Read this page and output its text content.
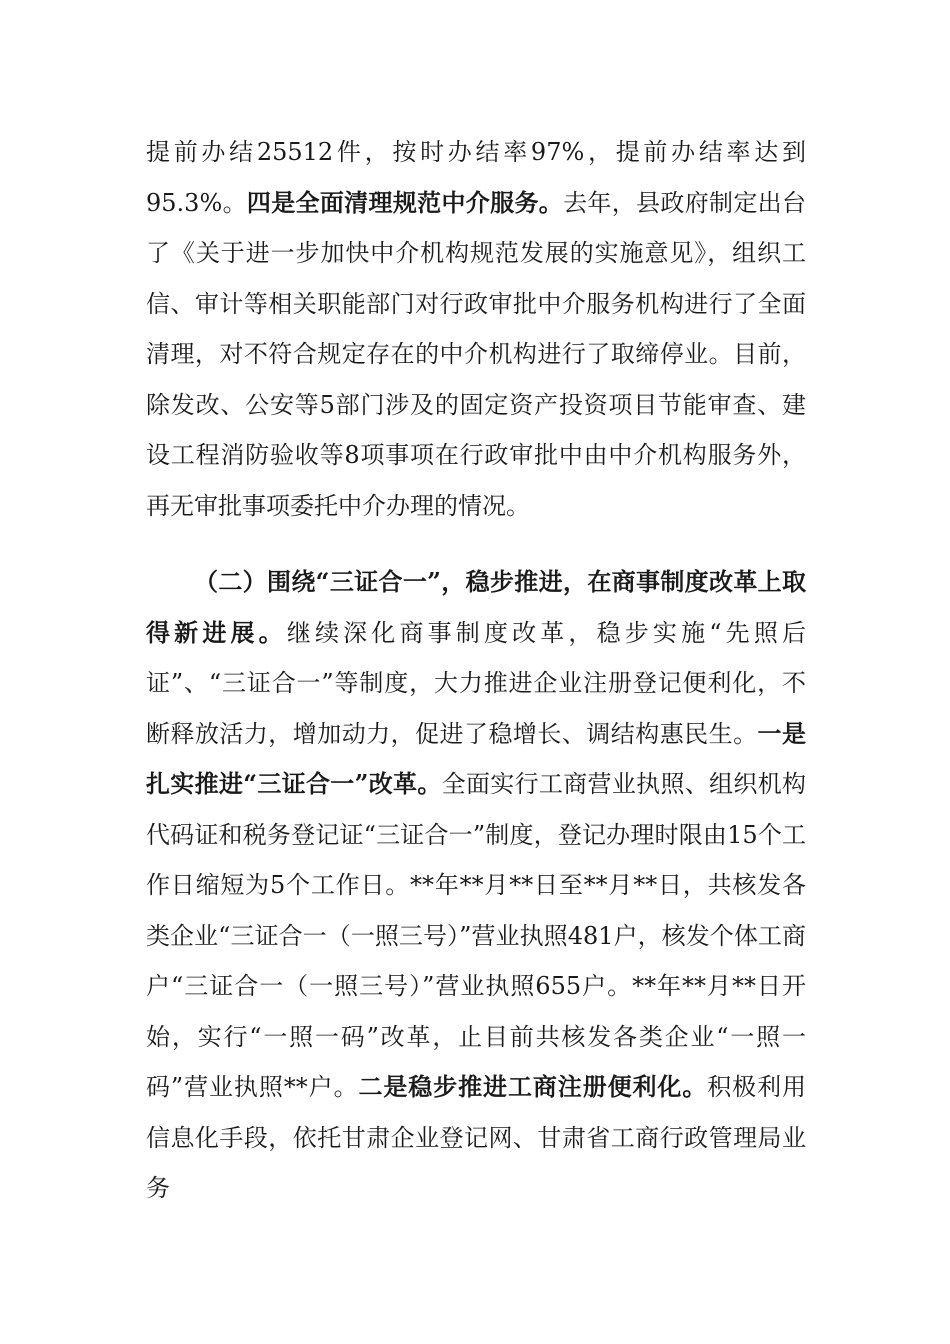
提前办结25512件，按时办结率97%，提前办结率达到95.3%。四是全面清理规范中介服务。去年，县政府制定出台了《关于进一步加快中介机构规范发展的实施意见》，组织工信、审计等相关职能部门对行政审批中介服务机构进行了全面清理，对不符合规定存在的中介机构进行了取缔停业。目前，除发改、公安等5部门涉及的固定资产投资项目节能审查、建设工程消防验收等8项事项在行政审批中由中介机构服务外，再无审批事项委托中介办理的情况。

（二）围绕“三证合一”，稳步推进，在商事制度改革上取得新进展。继续深化商事制度改革，稳步实施“先照后证”、“三证合一”等制度，大力推进企业注册登记便利化，不断释放活力，增加动力，促进了稳增长、调结构惠民生。一是扎实推进“三证合一”改革。全面实行工商营业执照、组织机构代码证和税务登记证“三证合一”制度，登记办理时限由15个工作日缩短为5个工作日。**年**月**日至**月**日，共核发各类企业“三证合一（一照三号）”营业执照481户，核发个体工商户“三证合一（一照三号）”营业执照655户。**年**月**日开始，实行“一照一码”改革，止目前共核发各类企业“一照一码”营业执照**户。二是稳步推进工商注册便利化。积极利用信息化手段，依托甘肃企业登记网、甘肃省工商行政管理局业务
